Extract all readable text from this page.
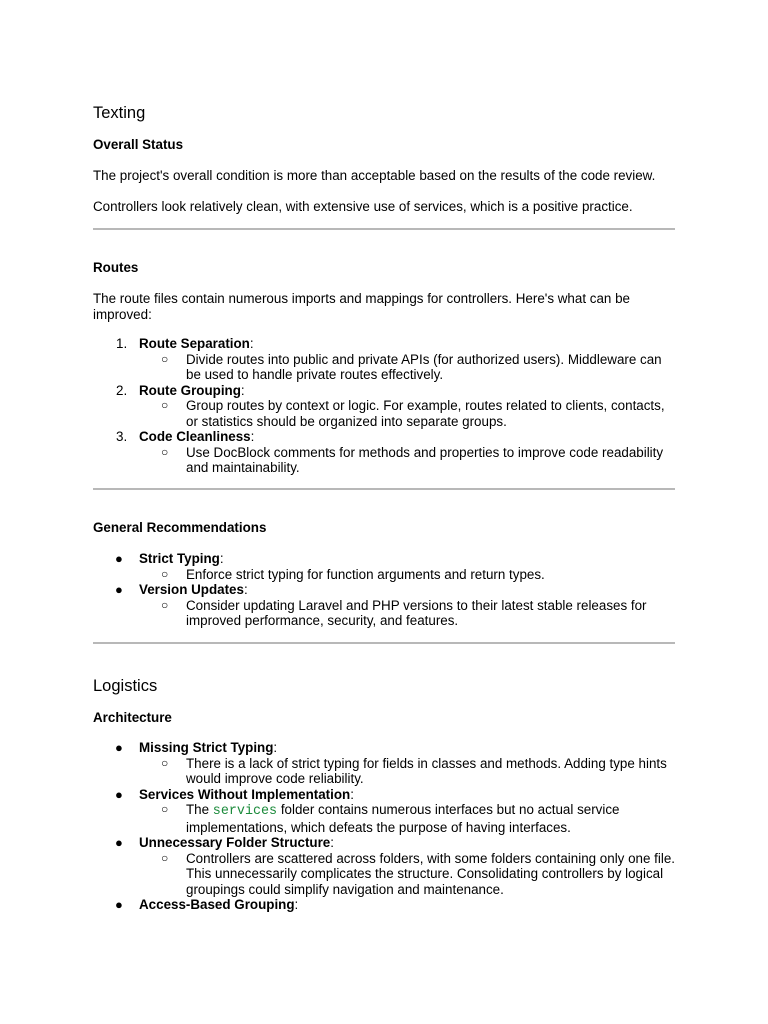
Texting
Overall Status

The project's overall condition is more than acceptable based on the results of the code review.

Controllers look relatively clean, with extensive use of services, which is a positive practice.

Routes

The route files contain numerous imports and mappings for controllers. Here's what can be improved:

1. Route Separation:
○ Divide routes into public and private APIs (for authorized users). Middleware can be used to handle private routes effectively.
2. Route Grouping:
○ Group routes by context or logic. For example, routes related to clients, contacts, or statistics should be organized into separate groups.
3. Code Cleanliness:
○ Use DocBlock comments for methods and properties to improve code readability and maintainability.
General Recommendations
● Strict Typing:
○ Enforce strict typing for function arguments and return types.
● Version Updates:
○ Consider updating Laravel and PHP versions to their latest stable releases for improved performance, security, and features.
Logistics
Architecture
● Missing Strict Typing:
○ There is a lack of strict typing for fields in classes and methods. Adding type hints would improve code reliability.
● Services Without Implementation:
○ The services folder contains numerous interfaces but no actual service implementations, which defeats the purpose of having interfaces.
● Unnecessary Folder Structure:
○ Controllers are scattered across folders, with some folders containing only one file. This unnecessarily complicates the structure. Consolidating controllers by logical groupings could simplify navigation and maintenance.
● Access-Based Grouping:
